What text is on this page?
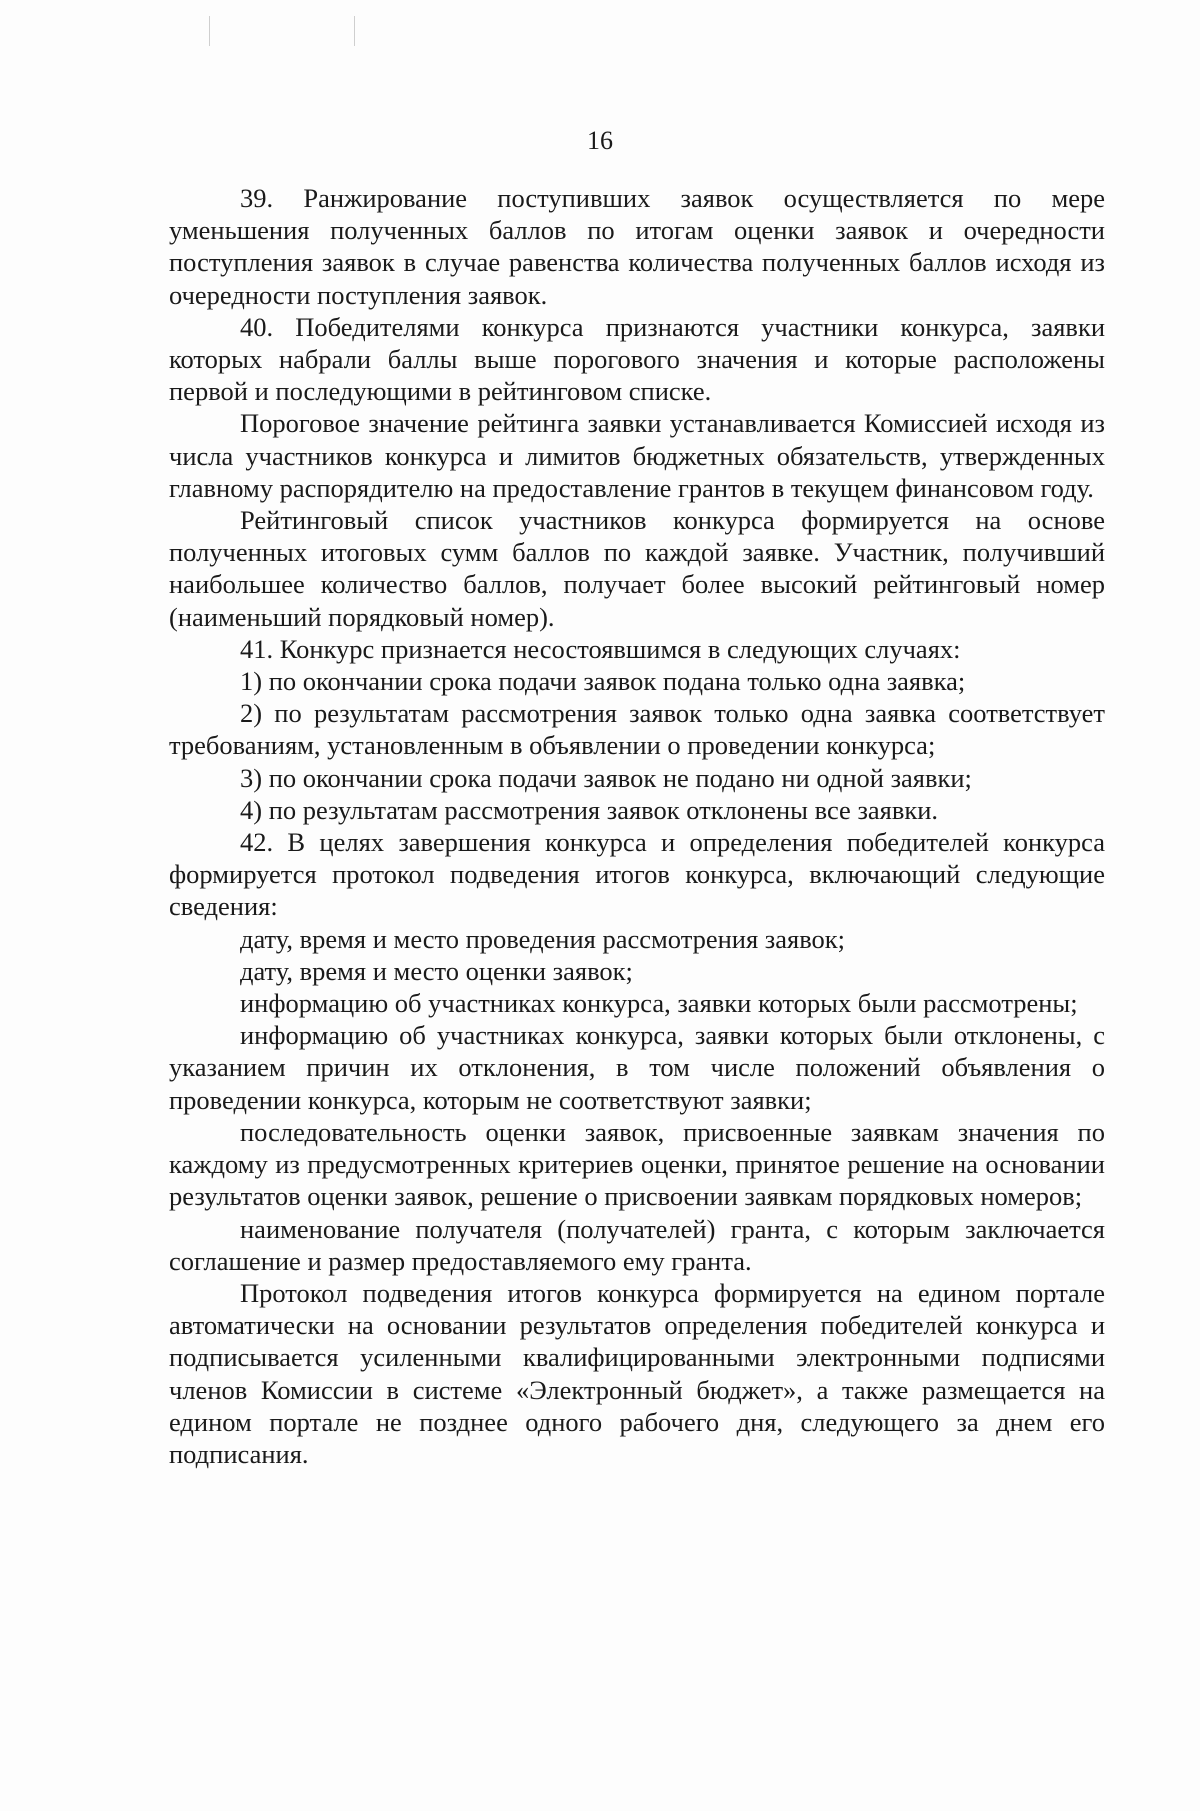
16

39. Ранжирование поступивших заявок осуществляется по мере уменьшения полученных баллов по итогам оценки заявок и очередности поступления заявок в случае равенства количества полученных баллов исходя из очередности поступления заявок.

40. Победителями конкурса признаются участники конкурса, заявки которых набрали баллы выше порогового значения и которые расположены первой и последующими в рейтинговом списке.

Пороговое значение рейтинга заявки устанавливается Комиссией исходя из числа участников конкурса и лимитов бюджетных обязательств, утвержденных главному распорядителю на предоставление грантов в текущем финансовом году.

Рейтинговый список участников конкурса формируется на основе полученных итоговых сумм баллов по каждой заявке. Участник, получивший наибольшее количество баллов, получает более высокий рейтинговый номер (наименьший порядковый номер).

41. Конкурс признается несостоявшимся в следующих случаях:

1) по окончании срока подачи заявок подана только одна заявка;

2) по результатам рассмотрения заявок только одна заявка соответствует требованиям, установленным в объявлении о проведении конкурса;

3) по окончании срока подачи заявок не подано ни одной заявки;

4) по результатам рассмотрения заявок отклонены все заявки.

42. В целях завершения конкурса и определения победителей конкурса формируется протокол подведения итогов конкурса, включающий следующие сведения:

дату, время и место проведения рассмотрения заявок;

дату, время и место оценки заявок;

информацию об участниках конкурса, заявки которых были рассмотрены;

информацию об участниках конкурса, заявки которых были отклонены, с указанием причин их отклонения, в том числе положений объявления о проведении конкурса, которым не соответствуют заявки;

последовательность оценки заявок, присвоенные заявкам значения по каждому из предусмотренных критериев оценки, принятое решение на основании результатов оценки заявок, решение о присвоении заявкам порядковых номеров;

наименование получателя (получателей) гранта, с которым заключается соглашение и размер предоставляемого ему гранта.

Протокол подведения итогов конкурса формируется на едином портале автоматически на основании результатов определения победителей конкурса и подписывается усиленными квалифицированными электронными подписями членов Комиссии в системе «Электронный бюджет», а также размещается на едином портале не позднее одного рабочего дня, следующего за днем его подписания.
